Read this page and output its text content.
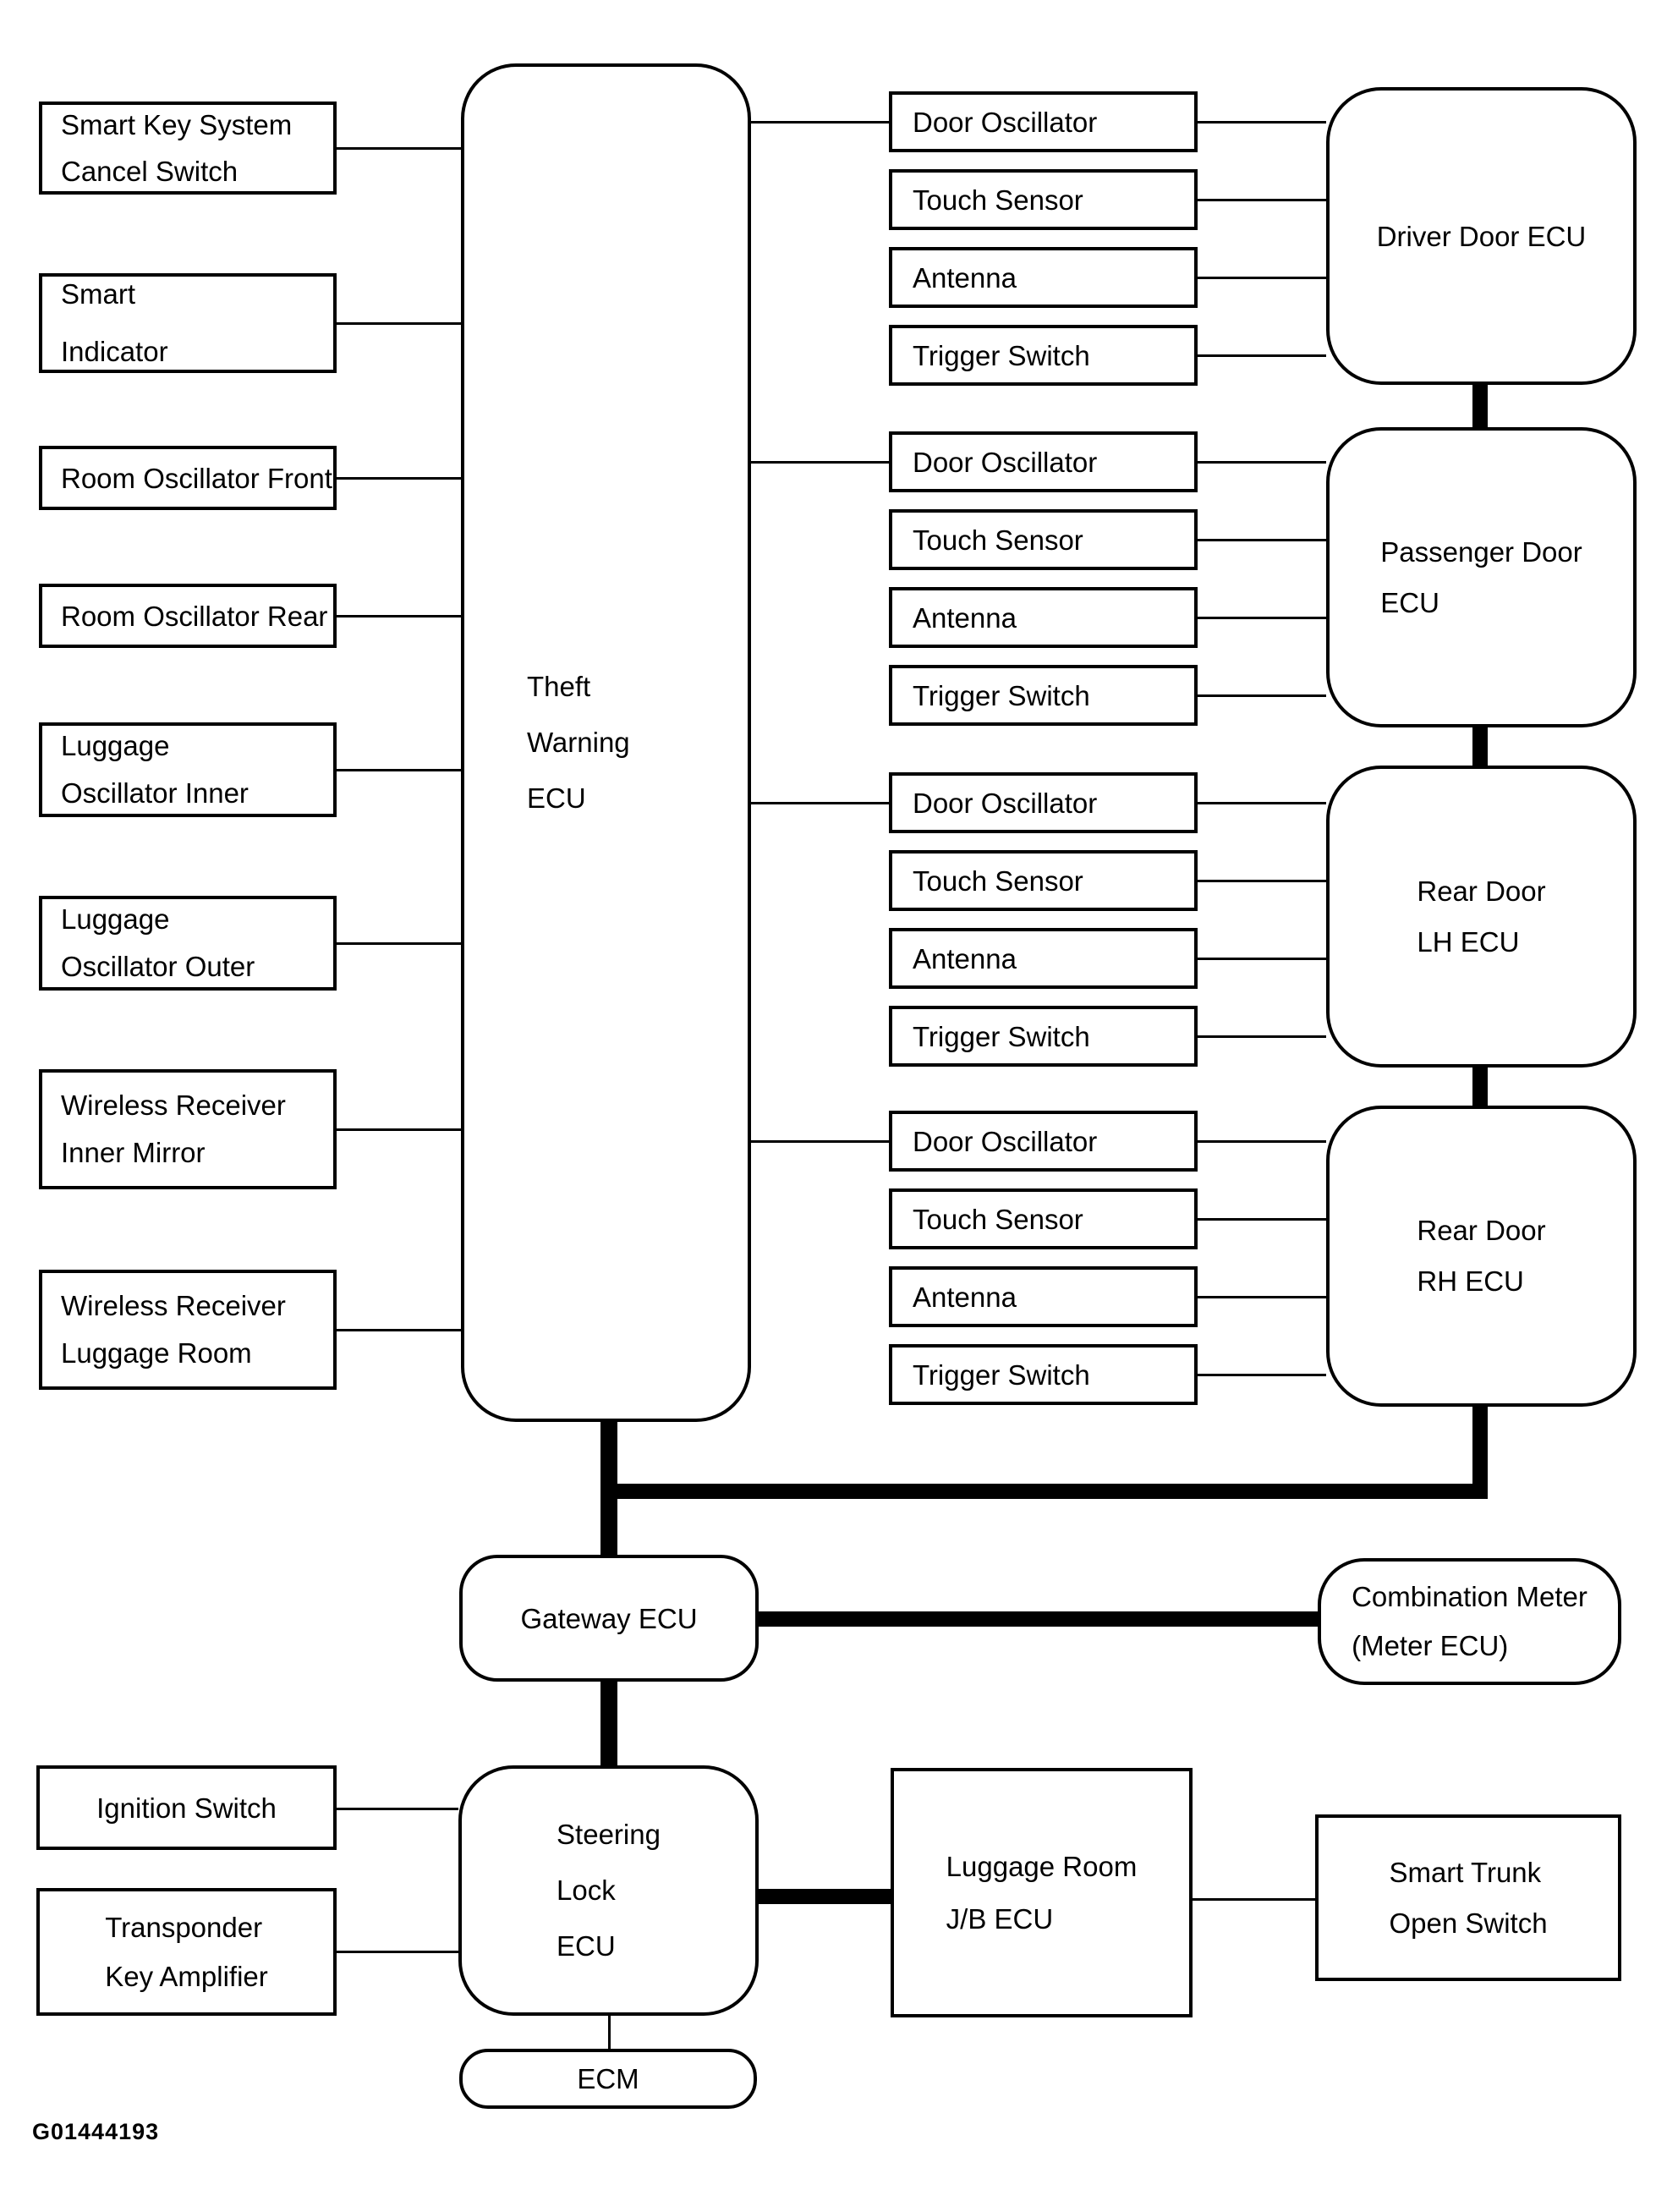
Smart Key System
Cancel Switch
Smart
Indicator
Room Oscillator Front
Room Oscillator Rear
Luggage
Oscillator Inner
Luggage
Oscillator Outer
Wireless Receiver
Inner Mirror
Wireless Receiver
Luggage Room
Theft
Warning
ECU
Door Oscillator
Touch Sensor
Antenna
Trigger Switch
Driver Door ECU
Door Oscillator
Touch Sensor
Antenna
Trigger Switch
Passenger Door
ECU
Door Oscillator
Touch Sensor
Antenna
Trigger Switch
Rear Door
LH ECU
Door Oscillator
Touch Sensor
Antenna
Trigger Switch
Rear Door
RH ECU
Gateway ECU
Combination Meter
(Meter ECU)
Ignition Switch
Transponder
Key Amplifier
Steering
Lock
ECU
Luggage Room
J/B ECU
Smart Trunk
Open Switch
ECM
G01444193
